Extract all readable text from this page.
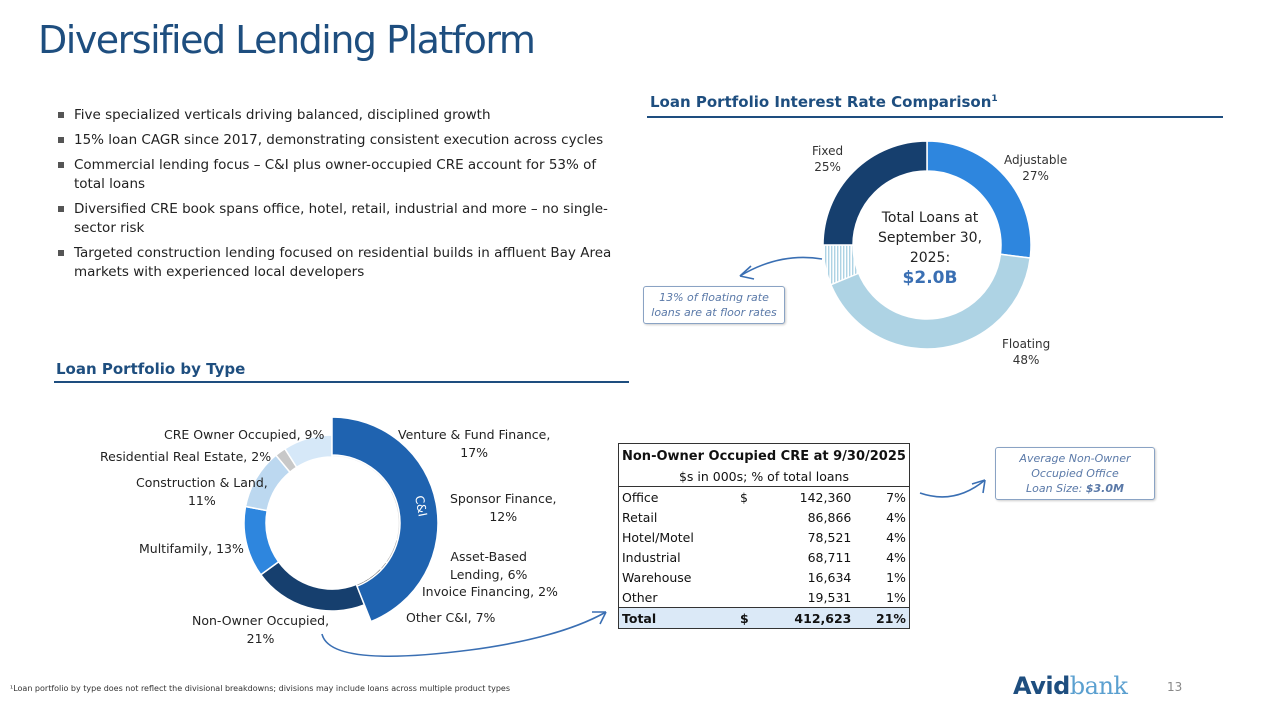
Diversified Lending Platform
Five specialized verticals driving balanced, disciplined growth
15% loan CAGR since 2017, demonstrating consistent execution across cycles
Commercial lending focus – C&I plus owner-occupied CRE account for 53% of total loans
Diversified CRE book spans office, hotel, retail, industrial and more – no single-sector risk
Targeted construction lending focused on residential builds in affluent Bay Area markets with experienced local developers
Loan Portfolio Interest Rate Comparison$^1$
C&I
Total Loans at September 30, 2025:
$2.0B
Adjustable
27%
Floating
48%
Fixed
25%
13% of floating rate loans are at floor rates
Loan Portfolio by Type
Venture & Fund Finance,
17%
Sponsor Finance,
12%
Asset-Based
Lending, 6%
Invoice Financing, 2%
Other C&I, 7%
Non-Owner Occupied,
21%
Multifamily, 13%
Construction & Land,
11%
Residential Real Estate, 2%
CRE Owner Occupied, 9%
Non-Owner Occupied CRE at 9/30/2025			
$s in 000s; % of total loans			
Office	$	142,360	7%
Retail		86,866	4%
Hotel/Motel		78,521	4%
Industrial		68,711	4%
Warehouse		16,634	1%
Other		19,531	1%
Total	$	412,623	21%
Average Non-Owner
Occupied Office
Loan Size: $3.0M
¹Loan portfolio by type does not reflect the divisional breakdowns; divisions may include loans across multiple product types	Avidbank	13
